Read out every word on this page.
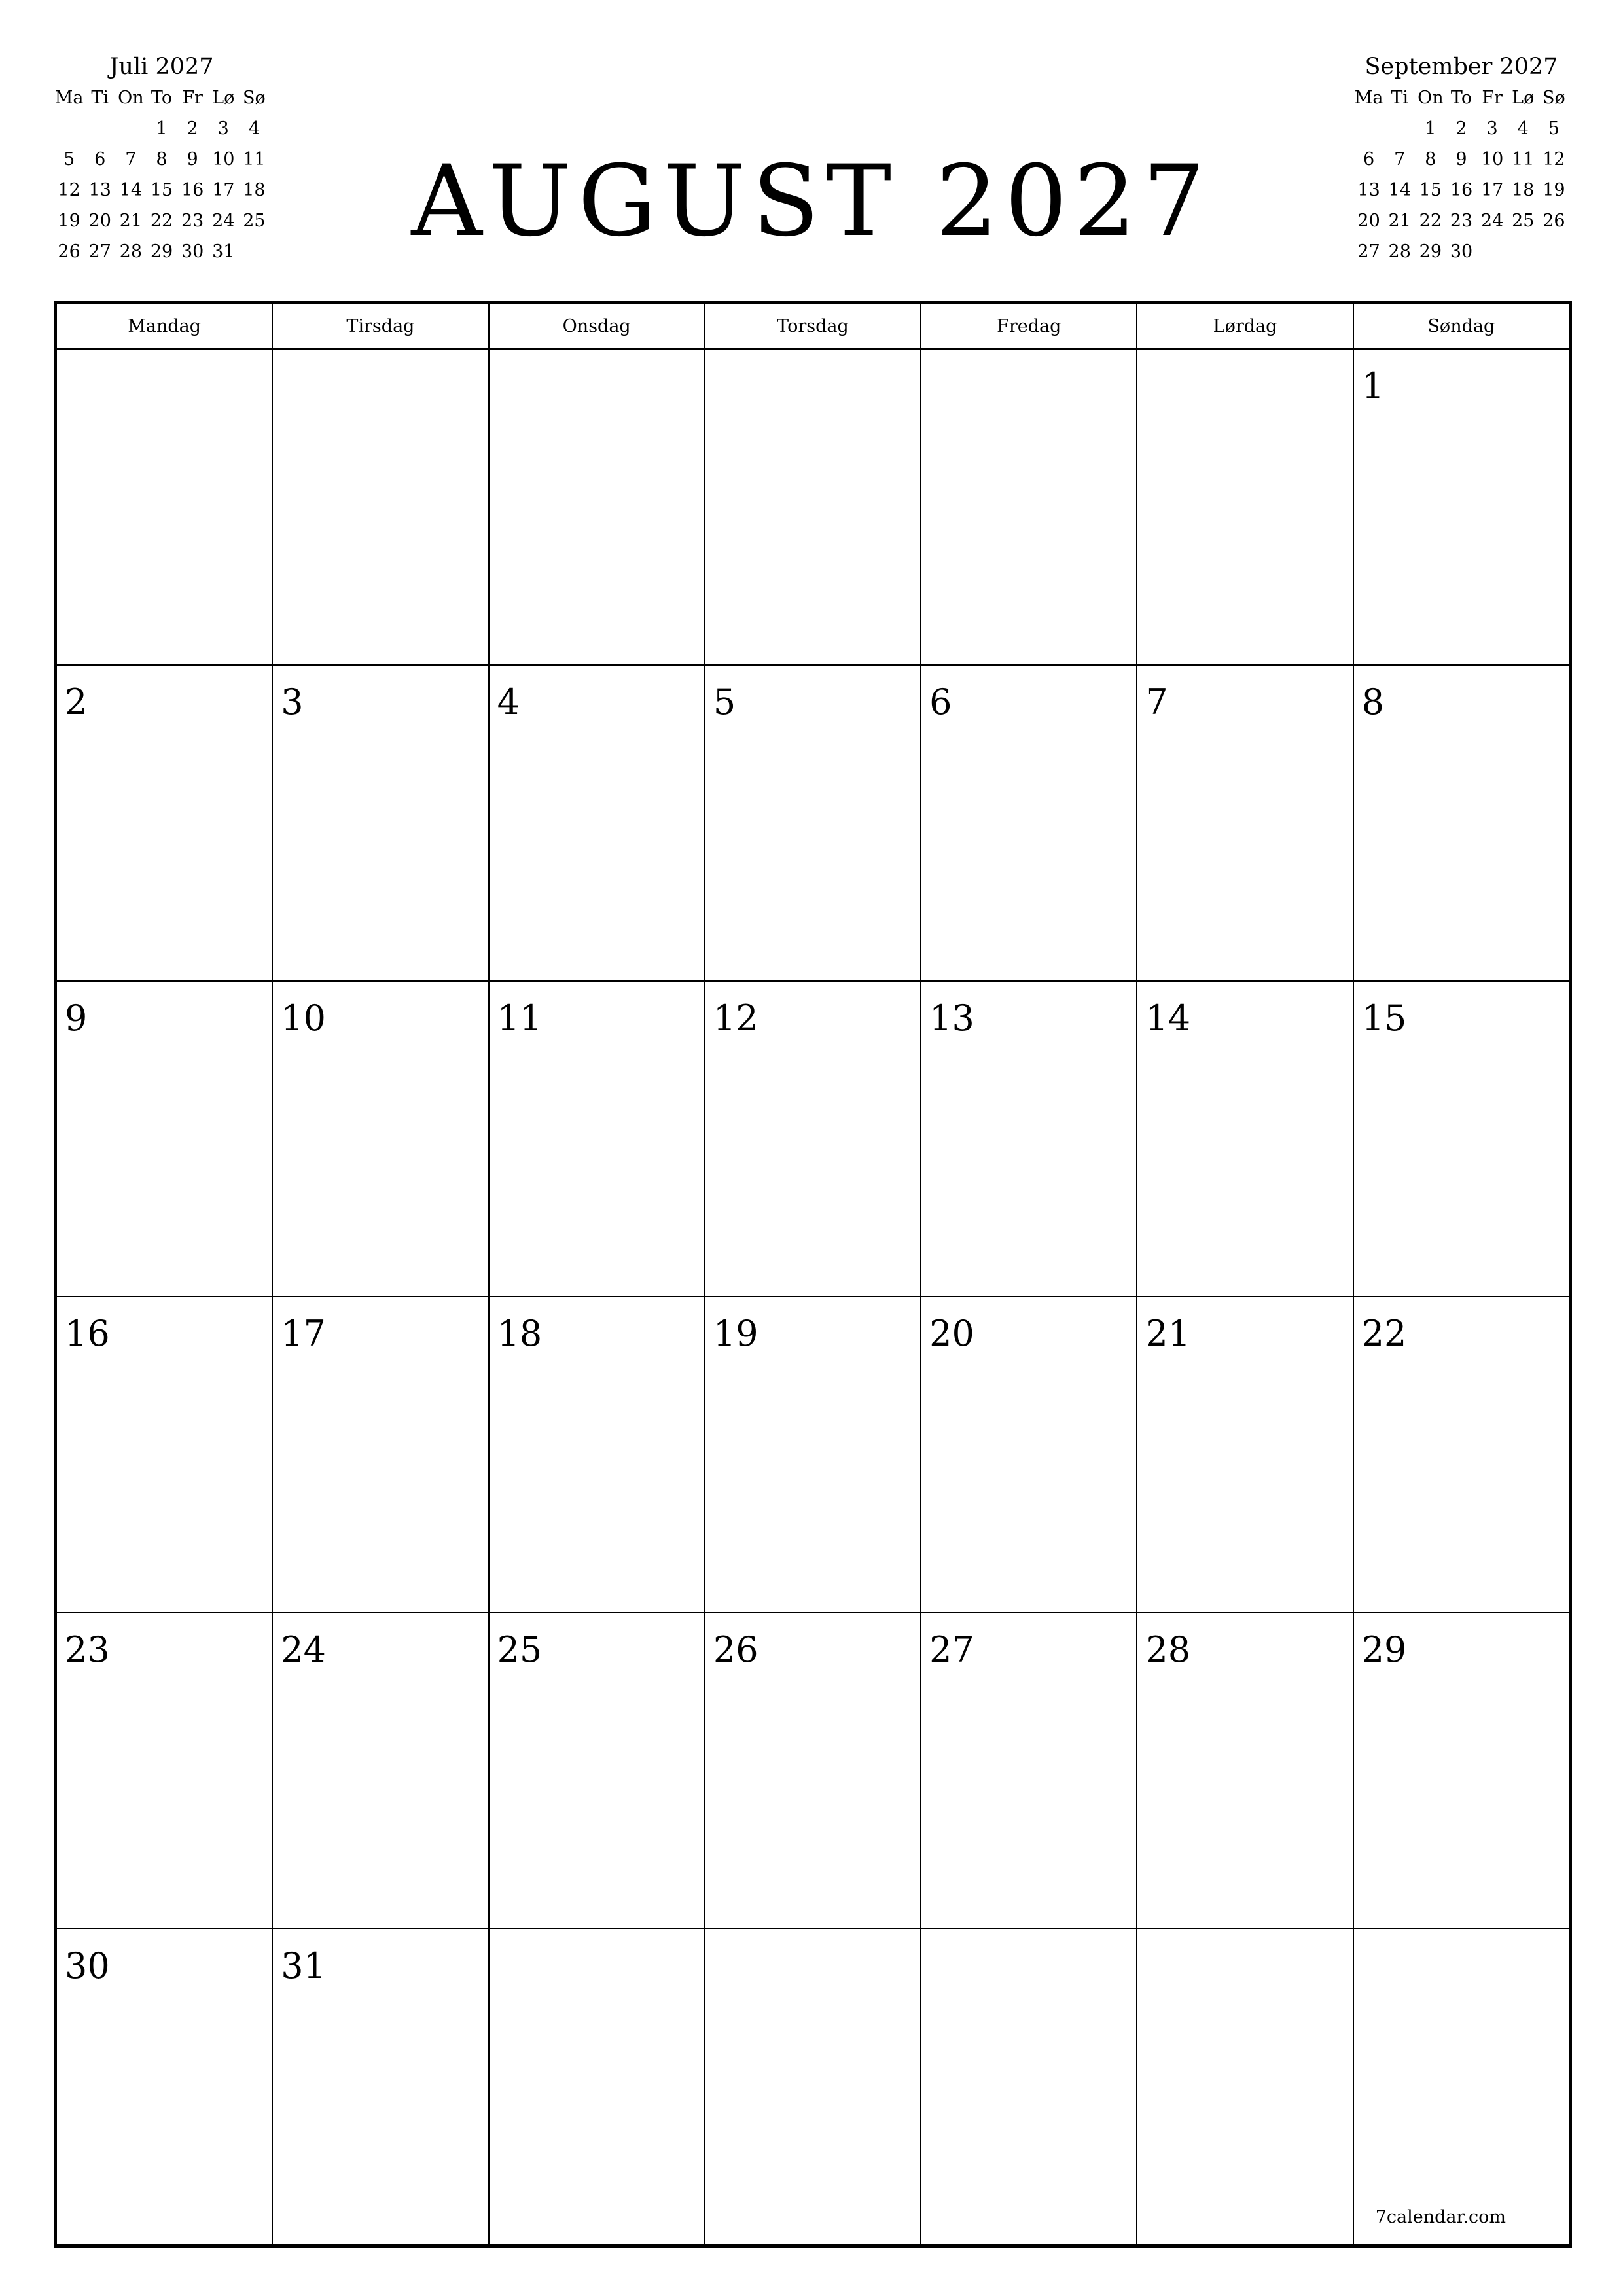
Juli 2027
Ma	Ti	On	To	Fr	Lø	Sø
			1	2	3	4
5	6	7	8	9	10	11
12	13	14	15	16	17	18
19	20	21	22	23	24	25
26	27	28	29	30	31		AUGUST 2027
September 2027
Ma	Ti	On	To	Fr	Lø	Sø
		1	2	3	4	5
6	7	8	9	10	11	12
13	14	15	16	17	18	19
20	21	22	23	24	25	26
27	28	29	30			
Mandag	Tirsdag	Onsdag	Torsdag	Fredag	Lørdag	Søndag

						1

2	3	4	5	6	7	8

9	10	11	12	13	14	15

16	17	18	19	20	21	22

23	24	25	26	27	28	29

30	31					7calendar.com
